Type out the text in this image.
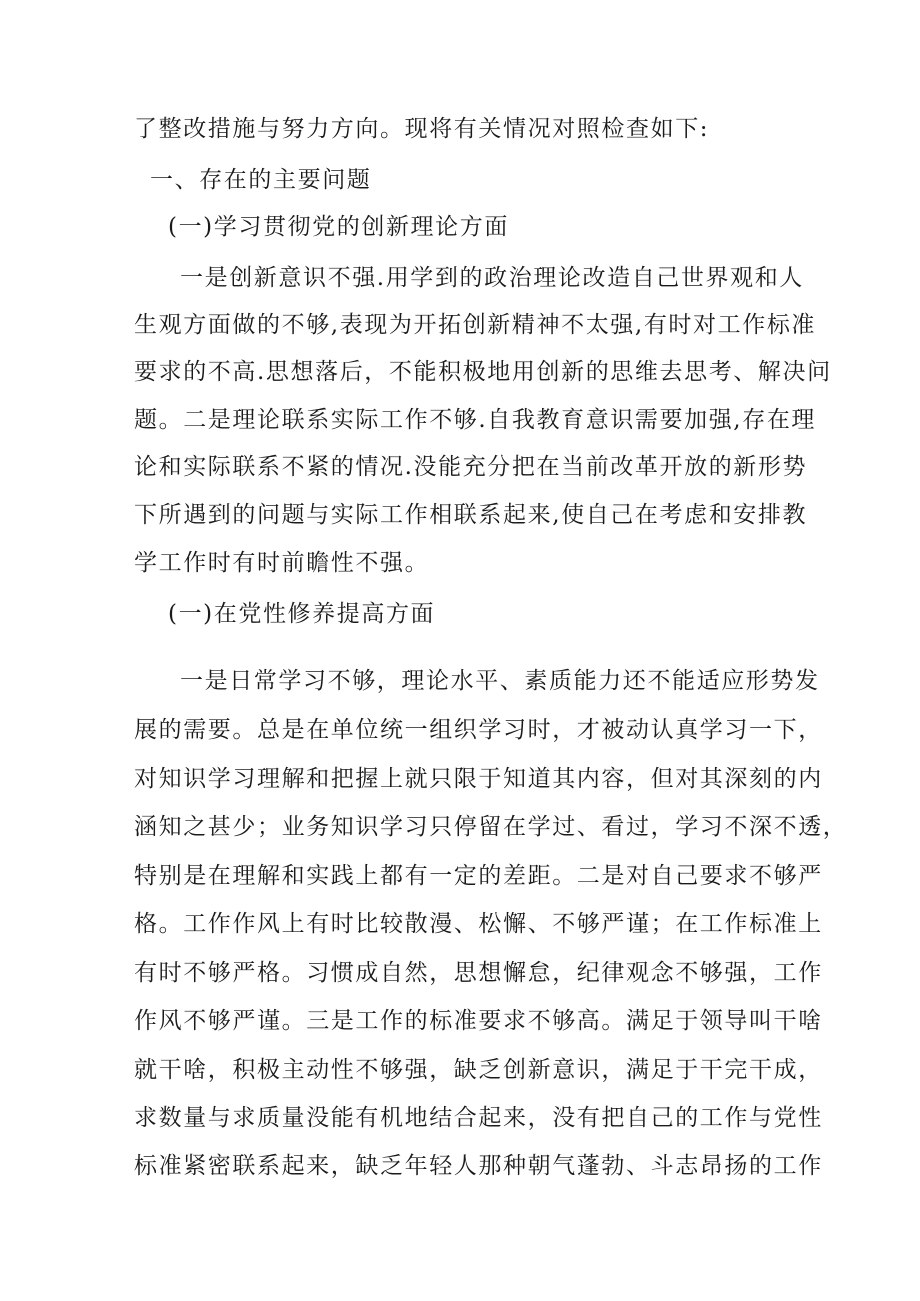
了整改措施与努力方向。现将有关情况对照检查如下:
一、存在的主要问题
(一)学习贯彻党的创新理论方面
一是创新意识不强.用学到的政治理论改造自己世界观和人
生观方面做的不够,表现为开拓创新精神不太强,有时对工作标准
要求的不高.思想落后，不能积极地用创新的思维去思考、解决问
题。二是理论联系实际工作不够.自我教育意识需要加强,存在理
论和实际联系不紧的情况.没能充分把在当前改革开放的新形势
下所遇到的问题与实际工作相联系起来,使自己在考虑和安排教
学工作时有时前瞻性不强。
(一)在党性修养提高方面
一是日常学习不够，理论水平、素质能力还不能适应形势发
展的需要。总是在单位统一组织学习时，才被动认真学习一下，
对知识学习理解和把握上就只限于知道其内容，但对其深刻的内
涵知之甚少；业务知识学习只停留在学过、看过，学习不深不透，
特别是在理解和实践上都有一定的差距。二是对自己要求不够严
格。工作作风上有时比较散漫、松懈、不够严谨；在工作标准上
有时不够严格。习惯成自然，思想懈怠，纪律观念不够强，工作
作风不够严谨。三是工作的标准要求不够高。满足于领导叫干啥
就干啥，积极主动性不够强，缺乏创新意识，满足于干完干成，
求数量与求质量没能有机地结合起来，没有把自己的工作与党性
标准紧密联系起来，缺乏年轻人那种朝气蓬勃、斗志昂扬的工作
